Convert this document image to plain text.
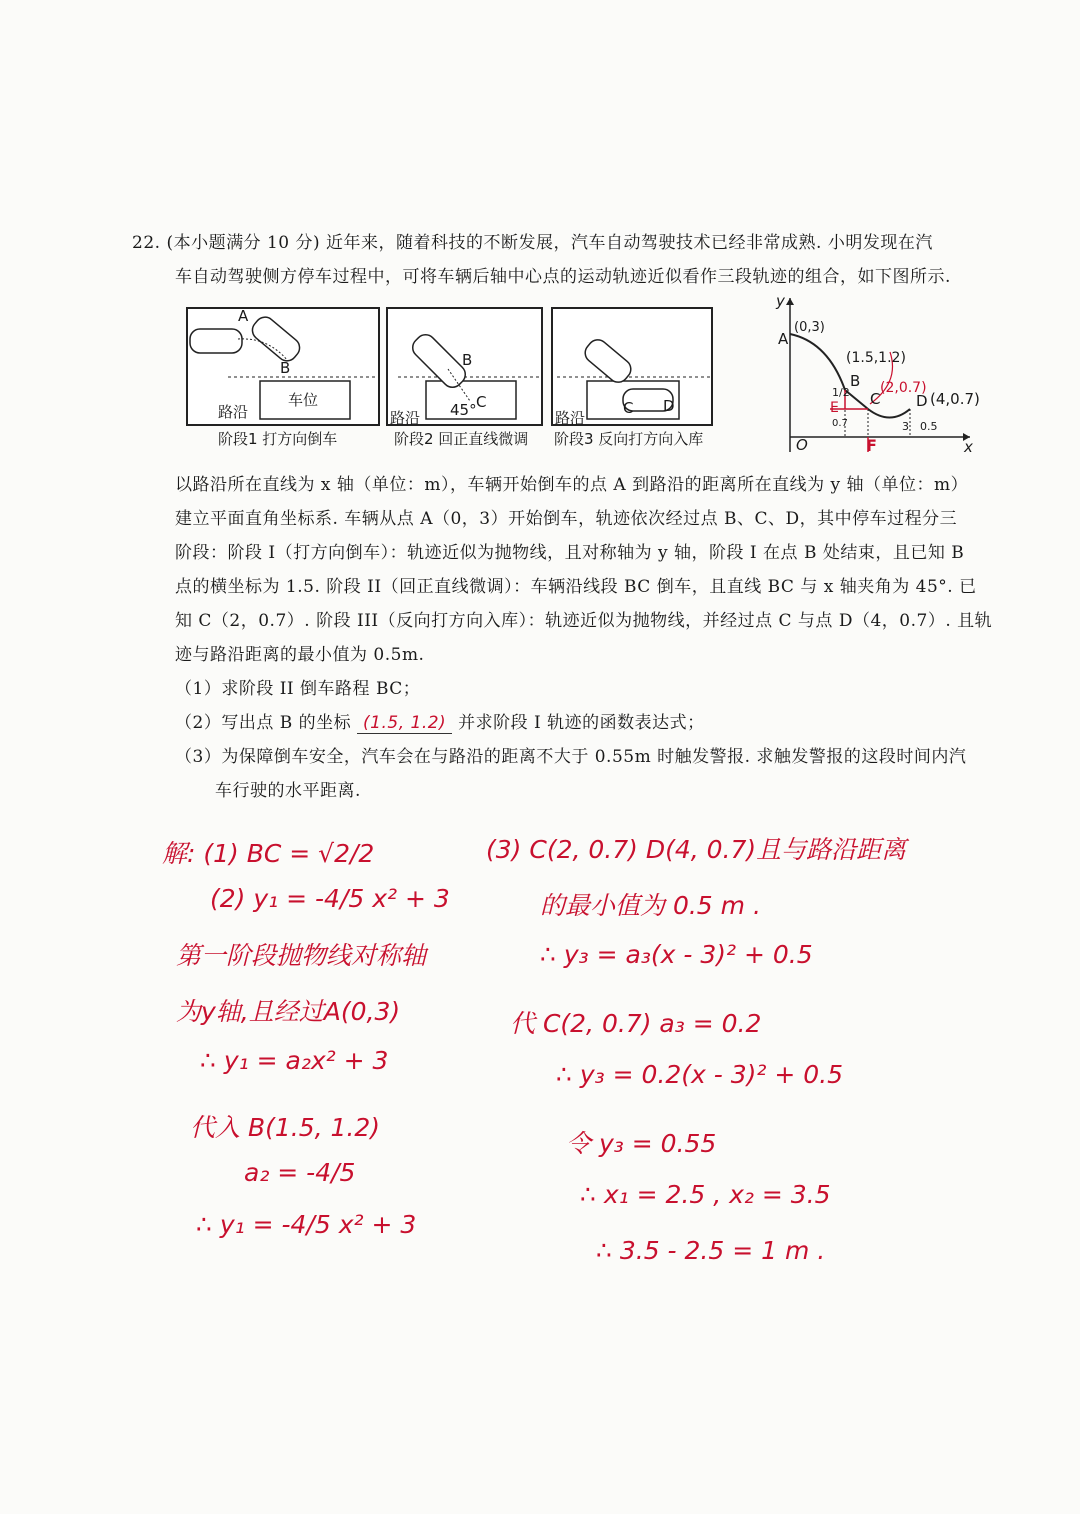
22. (本小题满分 10 分) 近年来，随着科技的不断发展，汽车自动驾驶技术已经非常成熟. 小明发现在汽
车自动驾驶侧方停车过程中，可将车辆后轴中心点的运动轨迹近似看作三段轨迹的组合，如下图所示.
A
B
车位
路沿
阶段1 打方向倒车
B
C
45°
路沿
阶段2 回正直线微调
C D
路沿
阶段3 反向打方向入库
y
x
O
A
B
C D
(0,3)
(1.5,1.2)
(2,0.7)
(4,0.7)
1/2
0.7
E
F
3 0.5
以路沿所在直线为 x 轴（单位：m），车辆开始倒车的点 A 到路沿的距离所在直线为 y 轴（单位：m）
建立平面直角坐标系. 车辆从点 A（0，3）开始倒车，轨迹依次经过点 B、C、D，其中停车过程分三
阶段：阶段 I（打方向倒车）：轨迹近似为抛物线，且对称轴为 y 轴，阶段 I 在点 B 处结束，且已知 B
点的横坐标为 1.5. 阶段 II（回正直线微调）：车辆沿线段 BC 倒车，且直线 BC 与 x 轴夹角为 45°. 已
知 C（2，0.7）. 阶段 III（反向打方向入库）：轨迹近似为抛物线，并经过点 C 与点 D（4，0.7）. 且轨
迹与路沿距离的最小值为 0.5m.
（1）求阶段 II 倒车路程 BC；
（2）写出点 B 的坐标 (1.5, 1.2) 并求阶段 I 轨迹的函数表达式；
（3）为保障倒车安全，汽车会在与路沿的距离不大于 0.55m 时触发警报. 求触发警报的这段时间内汽
车行驶的水平距离.
解: (1) BC = √2/2
(2) y₁ = -4/5 x² + 3
第一阶段抛物线对称轴
为y轴,且经过A(0,3)
∴ y₁ = a₂x² + 3
代入 B(1.5, 1.2)
a₂ = -4/5
∴ y₁ = -4/5 x² + 3
(3) C(2, 0.7) D(4, 0.7)且与路沿距离
的最小值为 0.5 m .
∴ y₃ = a₃(x - 3)² + 0.5
代 C(2, 0.7) a₃ = 0.2
∴ y₃ = 0.2(x - 3)² + 0.5
令 y₃ = 0.55
∴ x₁ = 2.5 , x₂ = 3.5
∴ 3.5 - 2.5 = 1 m .
